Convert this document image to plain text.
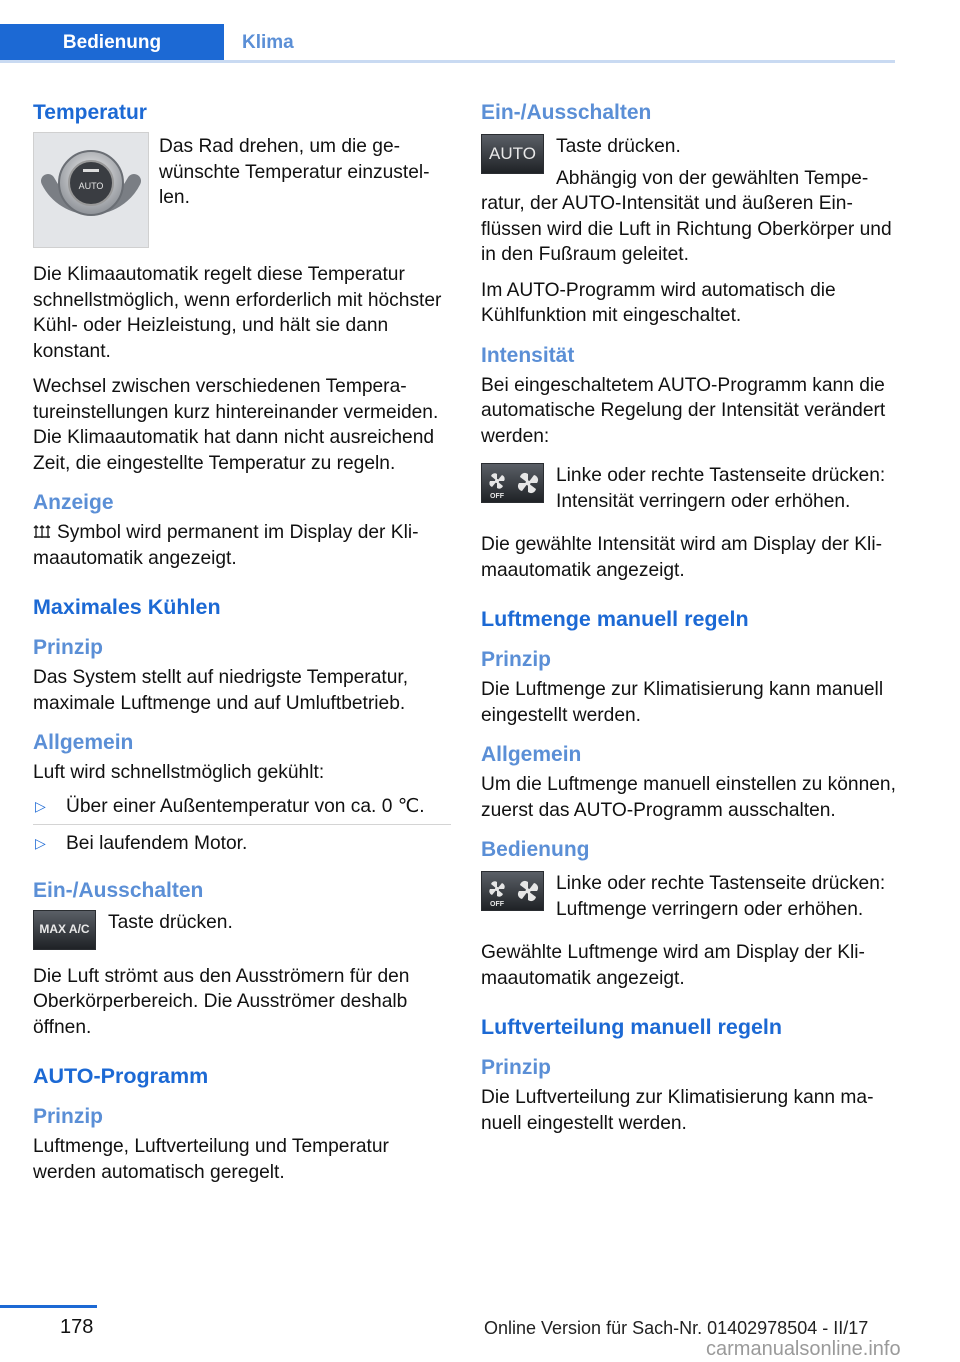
Bedienung	Klima
Temperatur
AUTO

Das Rad drehen, um die gewünschte Temperatur einzustellen.

Die Klimaautomatik regelt diese Temperatur schnellstmöglich, wenn erforderlich mit höchster Kühl- oder Heizleistung, und hält sie dann konstant.

Wechsel zwischen verschiedenen Temperatureinstellungen kurz hintereinander vermeiden. Die Klimaautomatik hat dann nicht ausreichend Zeit, die eingestellte Temperatur zu regeln.

Anzeige

Symbol wird permanent im Display der Klimaautomatik angezeigt.

Maximales Kühlen
Prinzip

Das System stellt auf niedrigste Temperatur, maximale Luftmenge und auf Umluftbetrieb.

Allgemein

Luft wird schnellstmöglich gekühlt:

▷ Über einer Außentemperatur von ca. 0 ℃.
▷ Bei laufendem Motor.
Ein-/Ausschalten
MAX A/C Taste drücken.

Die Luft strömt aus den Ausströmern für den Oberkörperbereich. Die Ausströmer deshalb öffnen.

AUTO-Programm
Prinzip

Luftmenge, Luftverteilung und Temperatur werden automatisch geregelt.

Ein-/Ausschalten
AUTO	Taste drücken.

Abhängig von der gewählten Temperatur, der AUTO-Intensität und äußeren Einflüssen wird die Luft in Richtung Oberkörper und in den Fußraum geleitet.

Im AUTO-Programm wird automatisch die Kühlfunktion mit eingeschaltet.

Intensität

Bei eingeschaltetem AUTO-Programm kann die automatische Regelung der Intensität verändert werden:

OFF

Linke oder rechte Tastenseite drücken: Intensität verringern oder erhöhen.

Die gewählte Intensität wird am Display der Klimaautomatik angezeigt.

Luftmenge manuell regeln
Prinzip

Die Luftmenge zur Klimatisierung kann manuell eingestellt werden.

Allgemein

Um die Luftmenge manuell einstellen zu können, zuerst das AUTO-Programm ausschalten.

Bedienung
OFF

Linke oder rechte Tastenseite drücken: Luftmenge verringern oder erhöhen.

Gewählte Luftmenge wird am Display der Klimaautomatik angezeigt.

Luftverteilung manuell regeln
Prinzip

Die Luftverteilung zur Klimatisierung kann manuell eingestellt werden.

178	Online Version für Sach-Nr. 01402978504 - II/17
carmanualsonline.info
